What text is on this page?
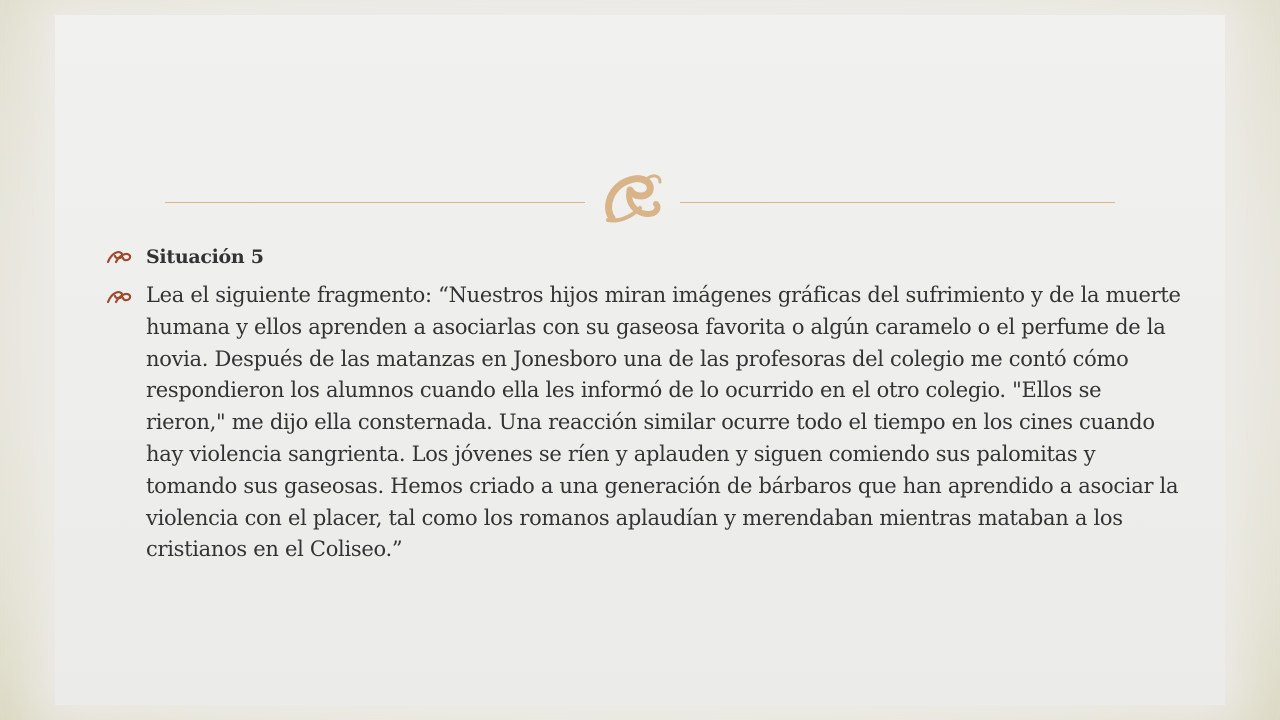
Situación 5
Lea el siguiente fragmento: “Nuestros hijos miran imágenes gráficas del sufrimiento y de la muerte humana y ellos aprenden a asociarlas con su gaseosa favorita o algún caramelo o el perfume de la novia. Después de las matanzas en Jonesboro una de las profesoras del colegio me contó cómo respondieron los alumnos cuando ella les informó de lo ocurrido en el otro colegio. "Ellos se rieron," me dijo ella consternada. Una reacción similar ocurre todo el tiempo en los cines cuando hay violencia sangrienta. Los jóvenes se ríen y aplauden y siguen comiendo sus palomitas y tomando sus gaseosas. Hemos criado a una generación de bárbaros que han aprendido a asociar la violencia con el placer, tal como los romanos aplaudían y merendaban mientras mataban a los cristianos en el Coliseo.”
